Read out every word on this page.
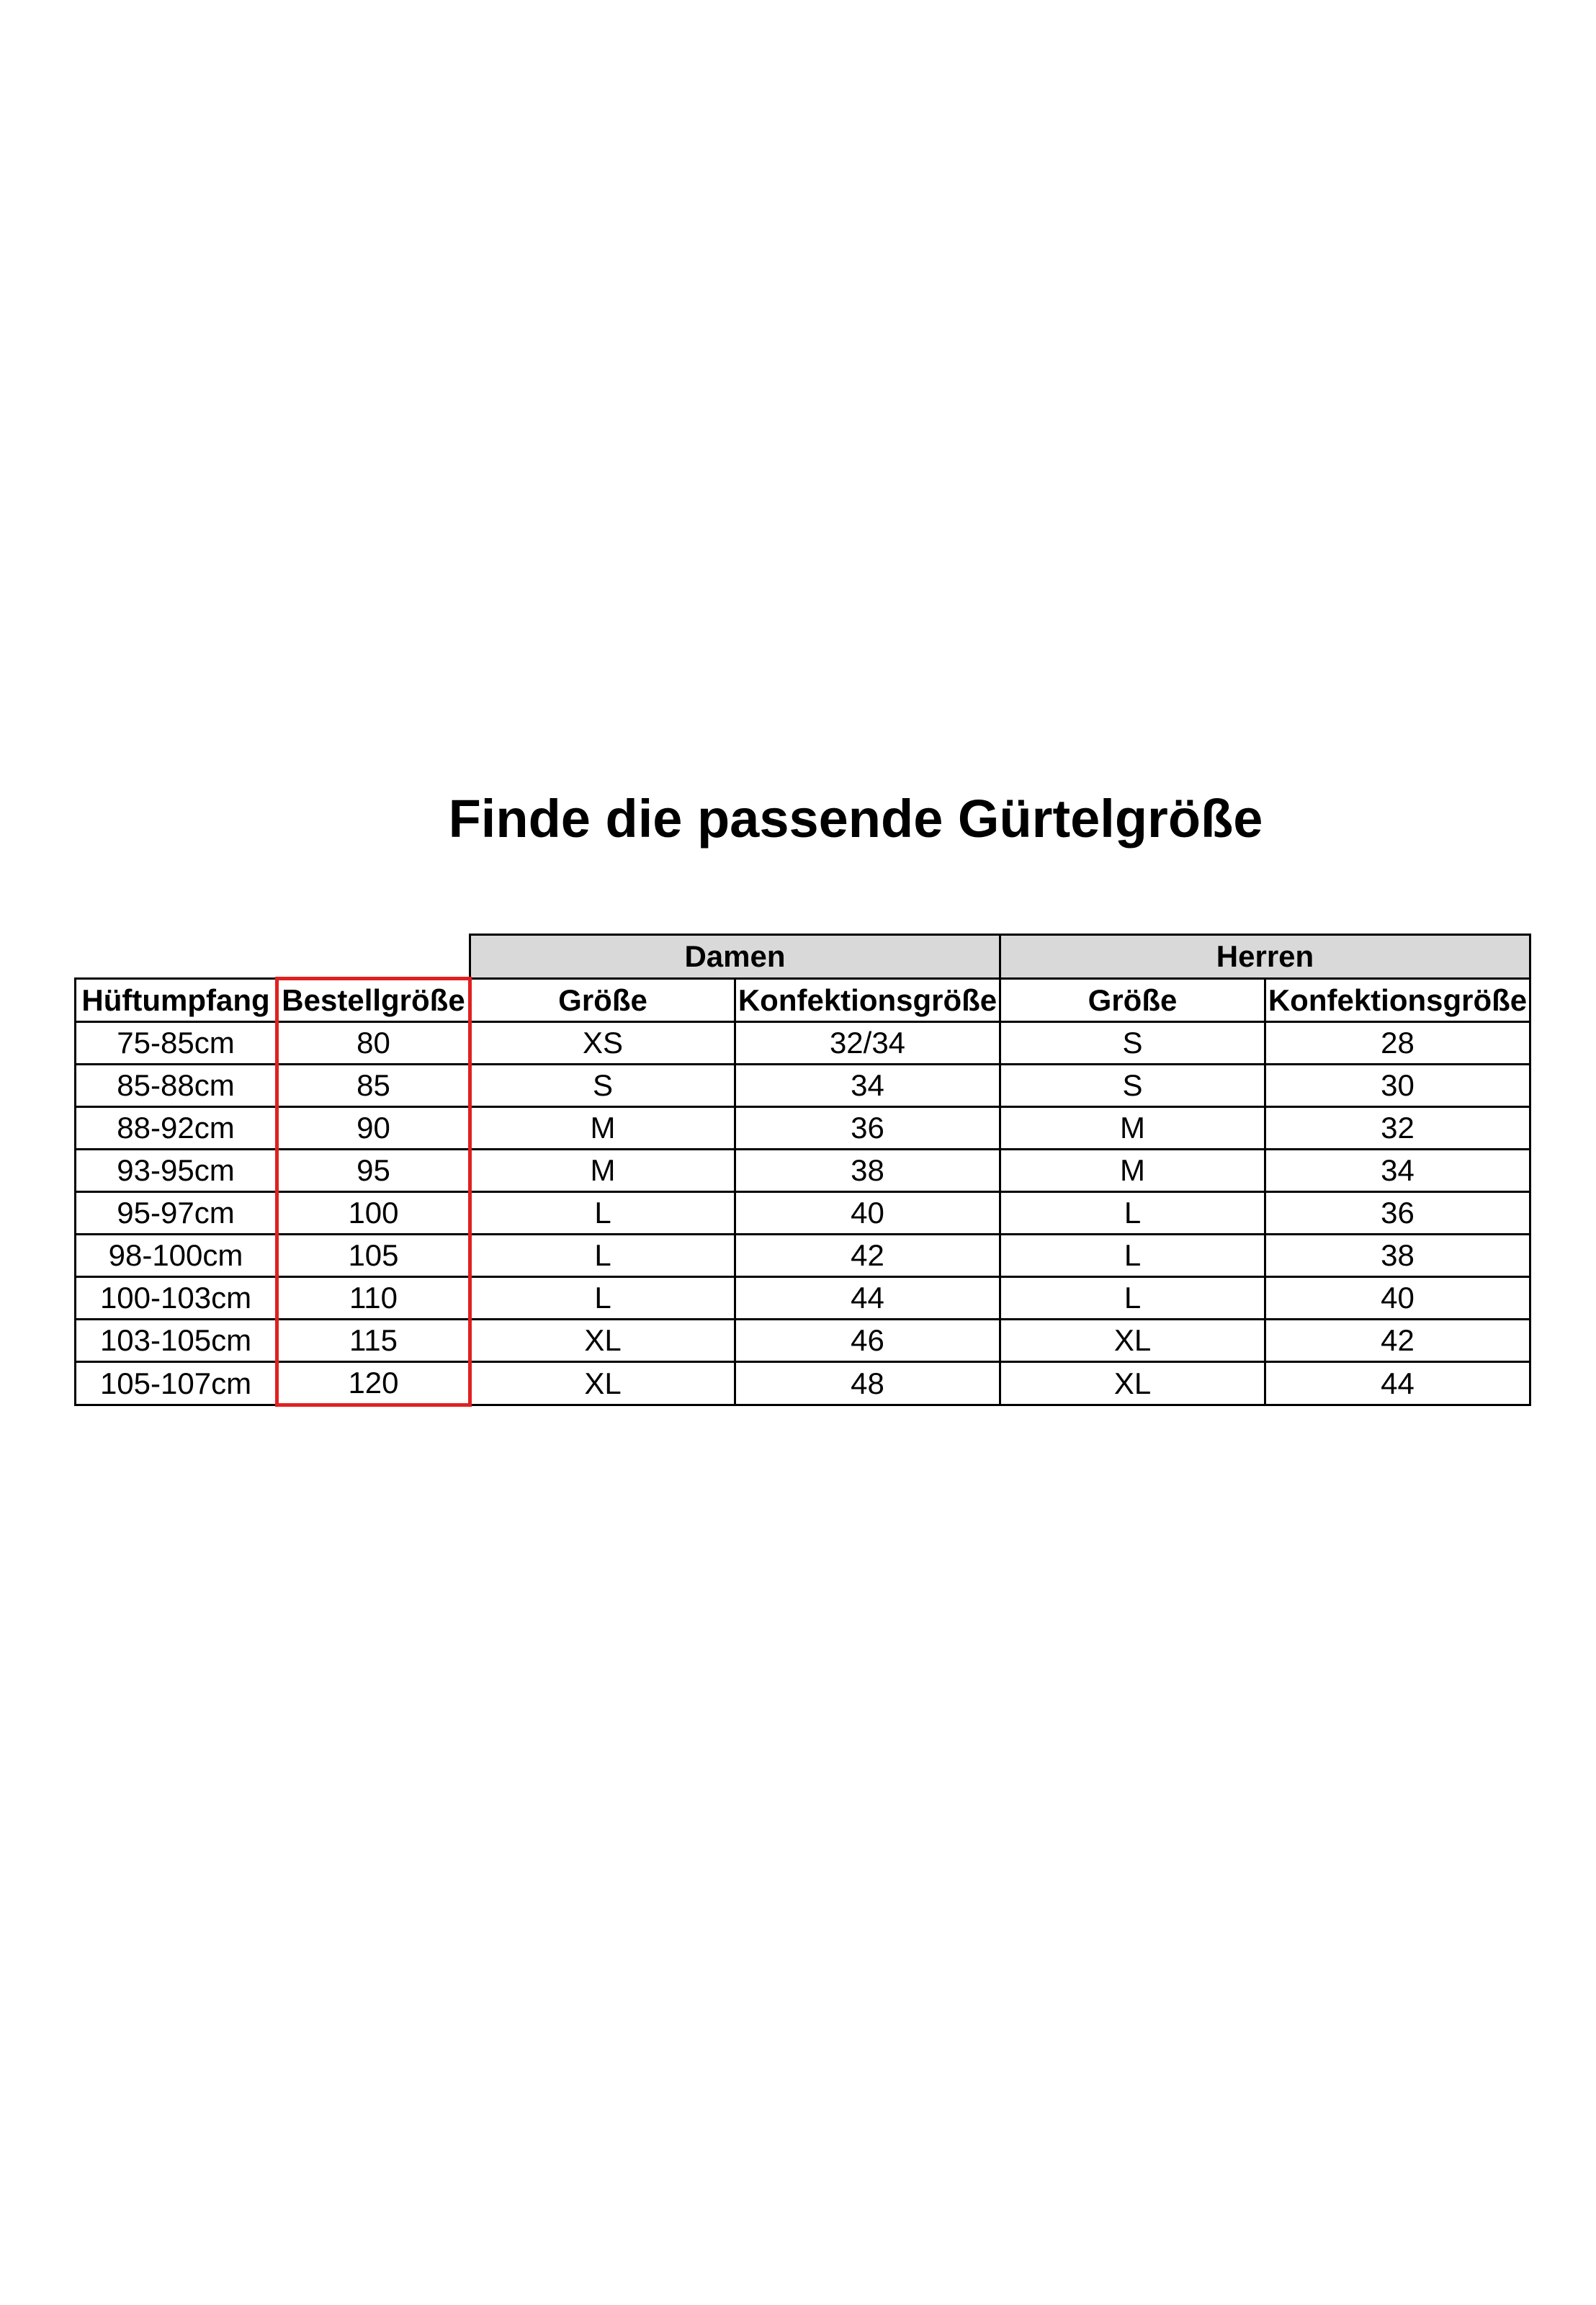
Finde die passende Gürtelgröße
		Damen		Herren	
Hüftumpfang	Bestellgröße	Größe	Konfektionsgröße	Größe	Konfektionsgröße
75-85cm	80	XS	32/34	S	28
85-88cm	85	S	34	S	30
88-92cm	90	M	36	M	32
93-95cm	95	M	38	M	34
95-97cm	100	L	40	L	36
98-100cm	105	L	42	L	38
100-103cm	110	L	44	L	40
103-105cm	115	XL	46	XL	42
105-107cm	120	XL	48	XL	44
